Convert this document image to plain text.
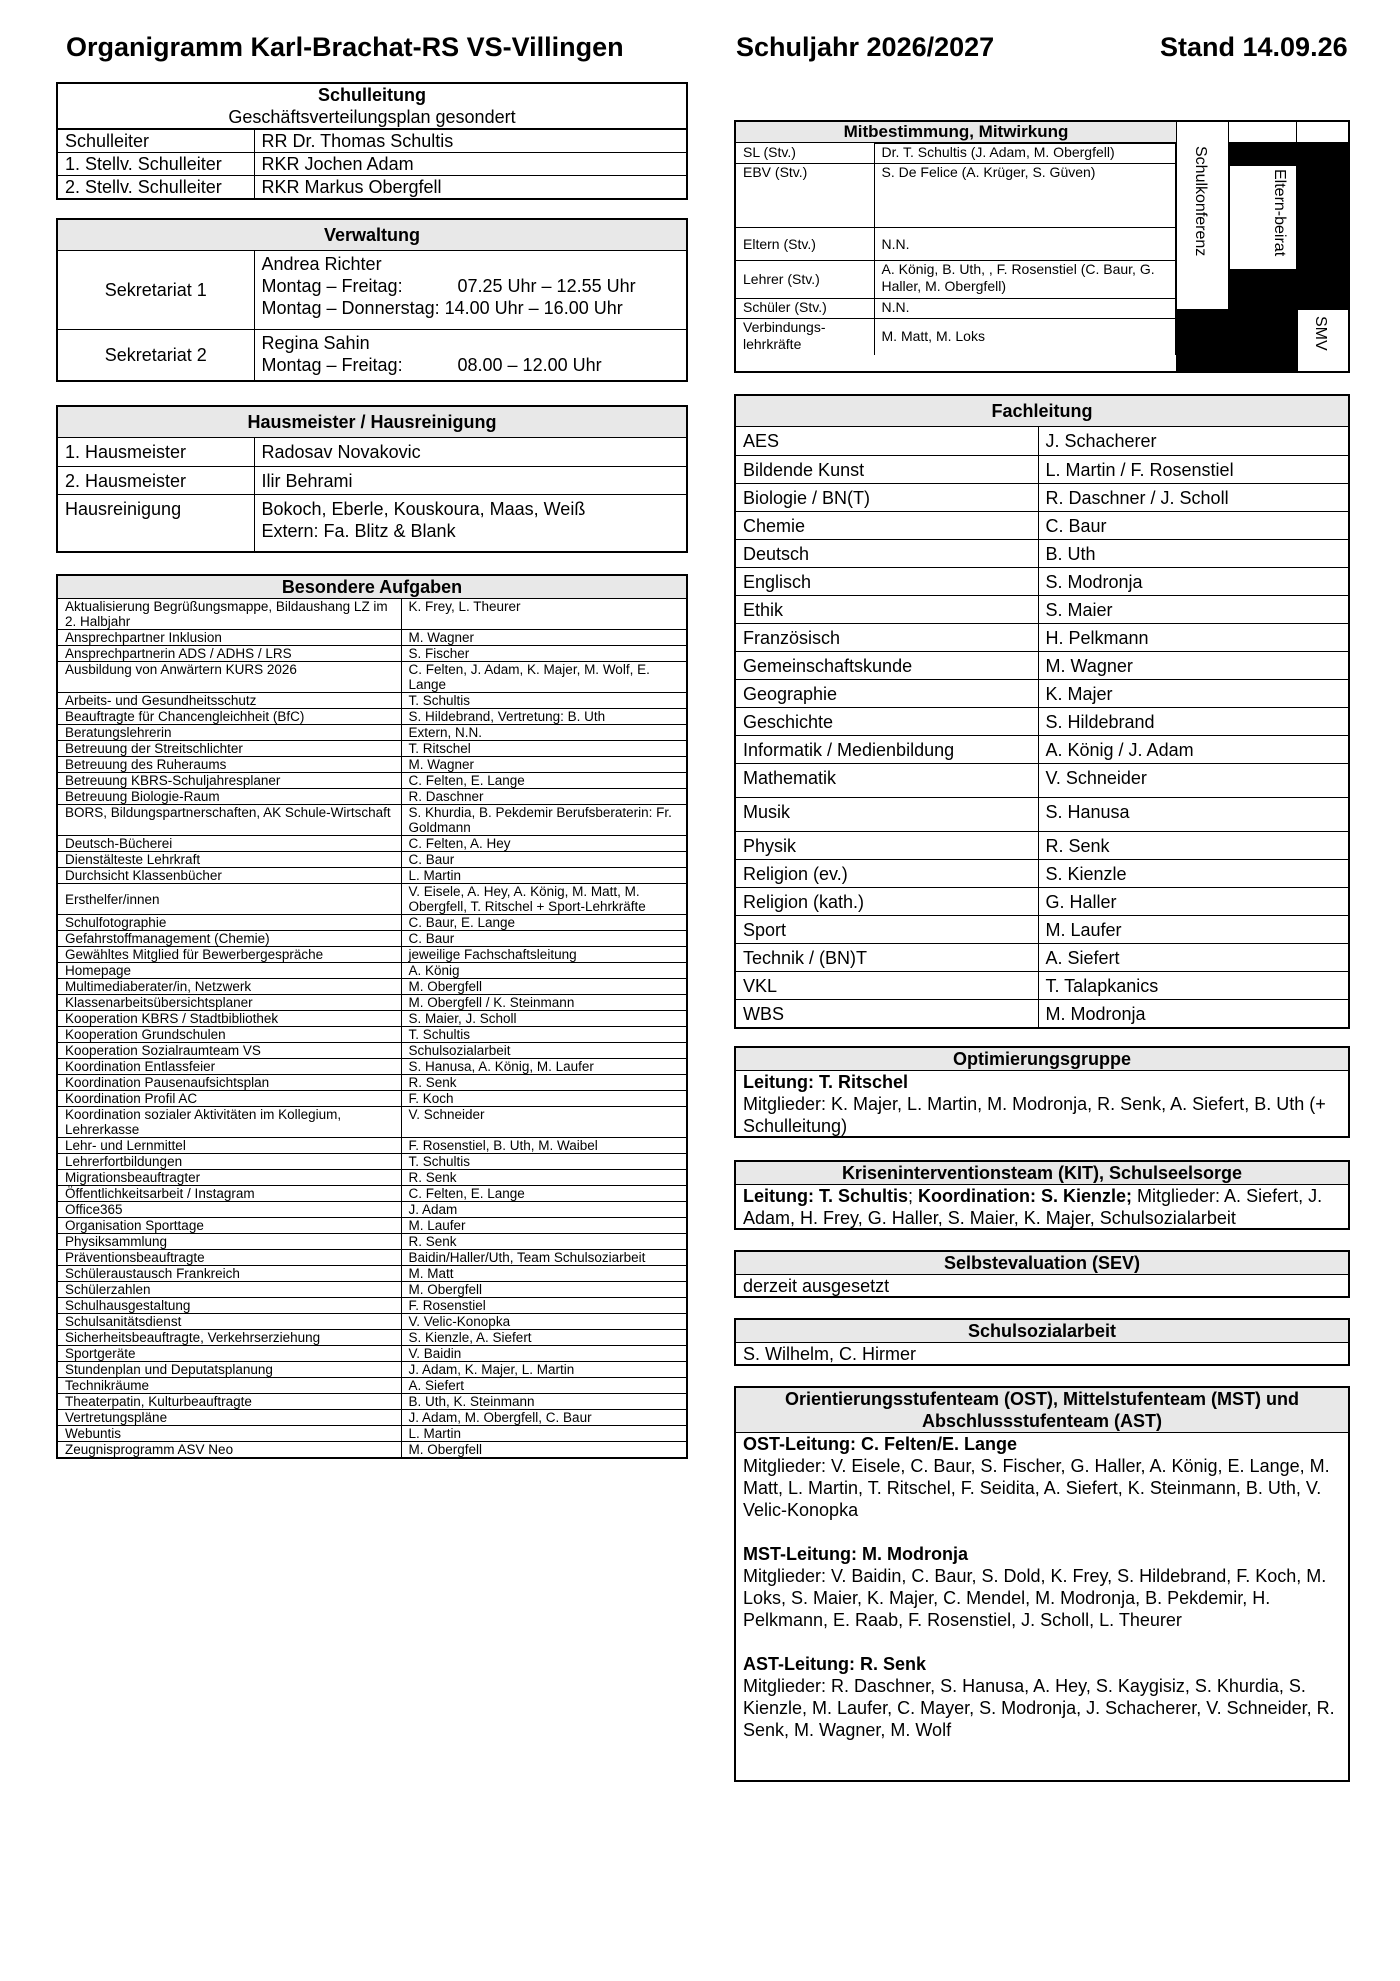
Organigramm Karl-Brachat-RS VS-Villingen	Schuljahr 2026/2027	Stand 14.09.26
Schulleitung
Geschäftsverteilungsplan gesondert
Schulleiter	RR Dr. Thomas Schultis
1. Stellv. Schulleiter	RKR Jochen Adam
2. Stellv. Schulleiter	RKR Markus Obergfell
Verwaltung
Sekretariat 1	Andrea Richter
Montag – Freitag: 07.25 Uhr – 12.55 Uhr
Montag – Donnerstag: 14.00 Uhr – 16.00 Uhr

Sekretariat 2	Regina Sahin
Montag – Freitag: 08.00 – 12.00 Uhr
Hausmeister / Hausreinigung
1. Hausmeister	Radosav Novakovic
2. Hausmeister	Ilir Behrami
Hausreinigung	Bokoch, Eberle, Kouskoura, Maas, Weiß
Extern: Fa. Blitz & Blank
Besondere Aufgaben
Aktualisierung Begrüßungsmappe, Bildaushang LZ im 2. Halbjahr	K. Frey, L. Theurer
Ansprechpartner Inklusion	M. Wagner
Ansprechpartnerin ADS / ADHS / LRS	S. Fischer
Ausbildung von Anwärtern KURS 2026	C. Felten, J. Adam, K. Majer, M. Wolf, E. Lange
Arbeits- und Gesundheitsschutz	T. Schultis
Beauftragte für Chancengleichheit (BfC)	S. Hildebrand, Vertretung: B. Uth
Beratungslehrerin	Extern, N.N.
Betreuung der Streitschlichter	T. Ritschel
Betreuung des Ruheraums	M. Wagner
Betreuung KBRS-Schuljahresplaner	C. Felten, E. Lange
Betreuung Biologie-Raum	R. Daschner
BORS, Bildungspartnerschaften, AK Schule-Wirtschaft	S. Khurdia, B. Pekdemir Berufsberaterin: Fr. Goldmann
Deutsch-Bücherei	C. Felten, A. Hey
Dienstälteste Lehrkraft	C. Baur
Durchsicht Klassenbücher	L. Martin
Ersthelfer/innen	V. Eisele, A. Hey, A. König, M. Matt, M. Obergfell, T. Ritschel + Sport-Lehrkräfte
Schulfotographie	C. Baur, E. Lange
Gefahrstoffmanagement (Chemie)	C. Baur
Gewähltes Mitglied für Bewerbergespräche	jeweilige Fachschaftsleitung
Homepage	A. König
Multimediaberater/in, Netzwerk	M. Obergfell
Klassenarbeitsübersichtsplaner	M. Obergfell / K. Steinmann
Kooperation KBRS / Stadtbibliothek	S. Maier, J. Scholl
Kooperation Grundschulen	T. Schultis
Kooperation Sozialraumteam VS	Schulsozialarbeit
Koordination Entlassfeier	S. Hanusa, A. König, M. Laufer
Koordination Pausenaufsichtsplan	R. Senk
Koordination Profil AC	F. Koch
Koordination sozialer Aktivitäten im Kollegium, Lehrerkasse	V. Schneider
Lehr- und Lernmittel	F. Rosenstiel, B. Uth, M. Waibel
Lehrerfortbildungen	T. Schultis
Migrationsbeauftragter	R. Senk
Öffentlichkeitsarbeit / Instagram	C. Felten, E. Lange
Office365	J. Adam
Organisation Sporttage	M. Laufer
Physiksammlung	R. Senk
Präventionsbeauftragte	Baidin/Haller/Uth, Team Schulsoziarbeit
Schüleraustausch Frankreich	M. Matt
Schülerzahlen	M. Obergfell
Schulhausgestaltung	F. Rosenstiel
Schulsanitätsdienst	V. Velic-Konopka
Sicherheitsbeauftragte, Verkehrserziehung	S. Kienzle, A. Siefert
Sportgeräte	V. Baidin
Stundenplan und Deputatsplanung	J. Adam, K. Majer, L. Martin
Technikräume	A. Siefert
Theaterpatin, Kulturbeauftragte	B. Uth, K. Steinmann
Vertretungspläne	J. Adam, M. Obergfell, C. Baur
Webuntis	L. Martin
Zeugnisprogramm ASV Neo	M. Obergfell
Mitbestimmung, Mitwirkung
SL (Stv.)	Dr. T. Schultis (J. Adam, M. Obergfell)
EBV (Stv.)	S. De Felice (A. Krüger, S. Güven)
Eltern (Stv.)	N.N.
Lehrer (Stv.)	A. König, B. Uth, , F. Rosenstiel (C. Baur, G. Haller, M. Obergfell)
Schüler (Stv.)	N.N.
Verbindungs-lehrkräfte	M. Matt, M. Loks
Schulkonferenz	Eltern-beirat
SMV
Fachleitung
AES	J. Schacherer
Bildende Kunst	L. Martin / F. Rosenstiel
Biologie / BN(T)	R. Daschner / J. Scholl
Chemie	C. Baur
Deutsch	B. Uth
Englisch	S. Modronja
Ethik	S. Maier
Französisch	H. Pelkmann
Gemeinschaftskunde	M. Wagner
Geographie	K. Majer
Geschichte	S. Hildebrand
Informatik / Medienbildung	A. König / J. Adam
Mathematik	V. Schneider
Musik	S. Hanusa
Physik	R. Senk
Religion (ev.)	S. Kienzle
Religion (kath.)	G. Haller
Sport	M. Laufer
Technik / (BN)T	A. Siefert
VKL	T. Talapkanics
WBS	M. Modronja
Optimierungsgruppe
Leitung: T. Ritschel
Mitglieder: K. Majer, L. Martin, M. Modronja, R. Senk, A. Siefert, B. Uth (+ Schulleitung)
Kriseninterventionsteam (KIT), Schulseelsorge
Leitung: T. Schultis; Koordination: S. Kienzle; Mitglieder: A. Siefert, J. Adam, H. Frey, G. Haller, S. Maier, K. Majer, Schulsozialarbeit
Selbstevaluation (SEV)
derzeit ausgesetzt
Schulsozialarbeit
S. Wilhelm, C. Hirmer
Orientierungsstufenteam (OST), Mittelstufenteam (MST) und Abschlussstufenteam (AST)
OST-Leitung: C. Felten/E. Lange
Mitglieder: V. Eisele, C. Baur, S. Fischer, G. Haller, A. König, E. Lange, M. Matt, L. Martin, T. Ritschel, F. Seidita, A. Siefert, K. Steinmann, B. Uth, V. Velic-Konopka
MST-Leitung: M. Modronja
Mitglieder: V. Baidin, C. Baur, S. Dold, K. Frey, S. Hildebrand, F. Koch, M. Loks, S. Maier, K. Majer, C. Mendel, M. Modronja, B. Pekdemir, H. Pelkmann, E. Raab, F. Rosenstiel, J. Scholl, L. Theurer
AST-Leitung: R. Senk
Mitglieder: R. Daschner, S. Hanusa, A. Hey, S. Kaygisiz, S. Khurdia, S. Kienzle, M. Laufer, C. Mayer, S. Modronja, J. Schacherer, V. Schneider, R. Senk, M. Wagner, M. Wolf
